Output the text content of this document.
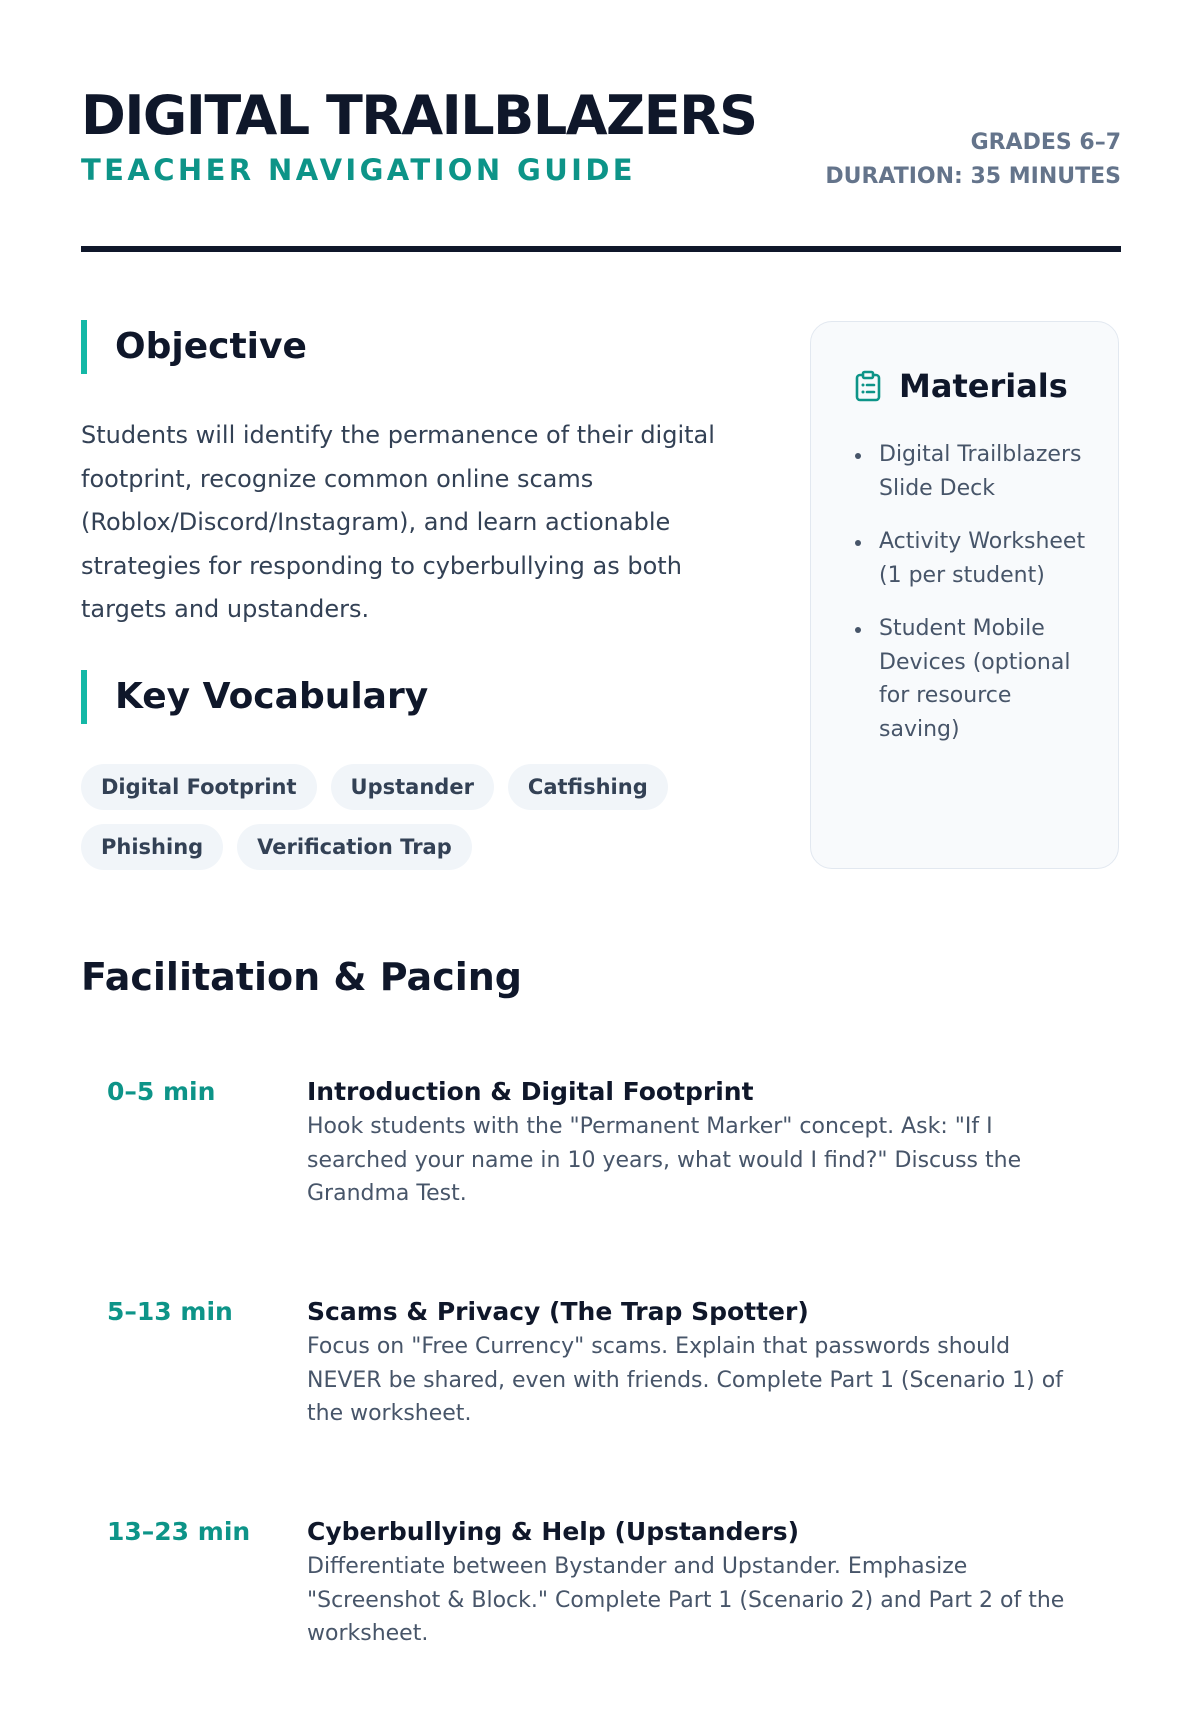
DIGITAL TRAILBLAZERS
TEACHER NAVIGATION GUIDE
GRADES 6–7
DURATION: 35 MINUTES
Objective

Students will identify the permanence of their digital footprint, recognize common online scams (Roblox/Discord/Instagram), and learn actionable strategies for responding to cyberbullying as both targets and upstanders.

Key Vocabulary
Digital Footprint	Upstander	Catfishing
Phishing	Verification Trap
Materials
Digital Trailblazers Slide Deck
Activity Worksheet (1 per student)
Student Mobile Devices (optional for resource saving)
Facilitation & Pacing
0–5 min	Introduction & Digital Footprint

Hook students with the "Permanent Marker" concept. Ask: "If I searched your name in 10 years, what would I find?" Discuss the Grandma Test.

5–13 min	Scams & Privacy (The Trap Spotter)

Focus on "Free Currency" scams. Explain that passwords should NEVER be shared, even with friends. Complete Part 1 (Scenario 1) of the worksheet.

13–23 min Cyberbullying & Help (Upstanders)

Differentiate between Bystander and Upstander. Emphasize "Screenshot & Block." Complete Part 1 (Scenario 2) and Part 2 of the worksheet.
